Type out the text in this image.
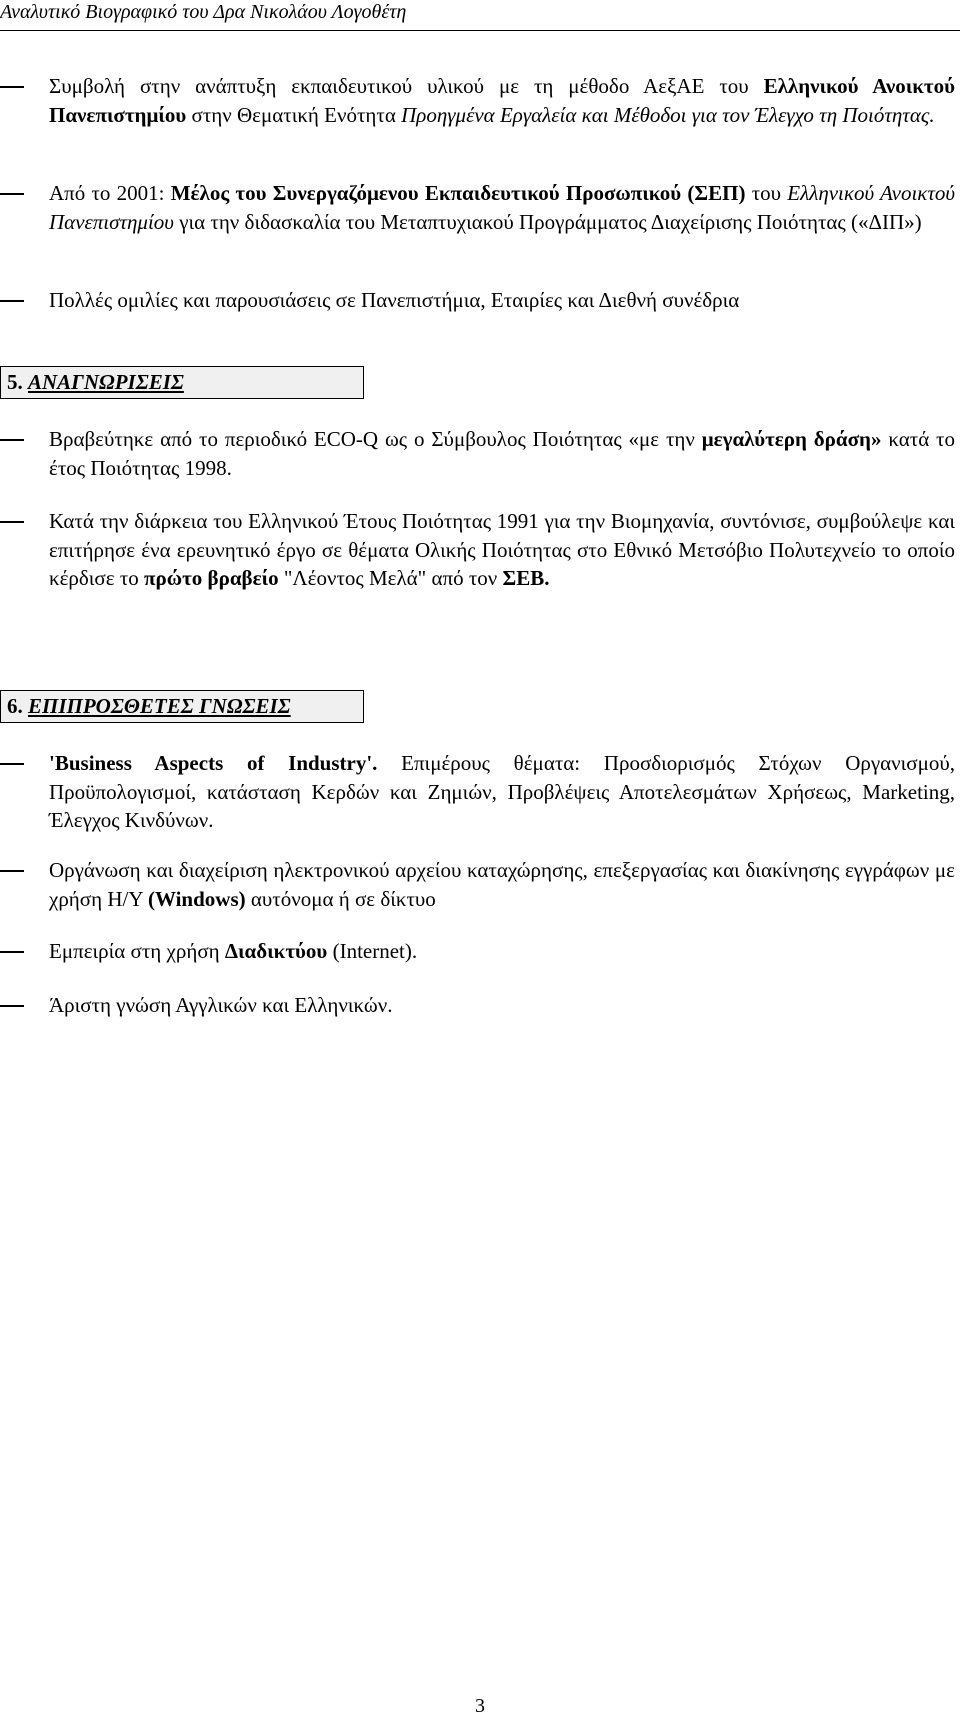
Αναλυτικό Βιογραφικό του Δρα Νικολάου Λογοθέτη
Συμβολή στην ανάπτυξη εκπαιδευτικού υλικού με τη μέθοδο ΑεξΑΕ του Ελληνικού Ανοικτού Πανεπιστημίου στην Θεματική Ενότητα Προηγμένα Εργαλεία και Μέθοδοι για τον Έλεγχο τη Ποιότητας.
Από το 2001: Μέλος του Συνεργαζόμενου Εκπαιδευτικού Προσωπικού (ΣΕΠ) του Ελληνικού Ανοικτού Πανεπιστημίου για την διδασκαλία του Μεταπτυχιακού Προγράμματος Διαχείρισης Ποιότητας («ΔΙΠ»)
Πολλές ομιλίες και παρουσιάσεις σε Πανεπιστήμια, Εταιρίες και Διεθνή συνέδρια
5. ΑΝΑΓΝΩΡΙΣΕΙΣ
Βραβεύτηκε από το περιοδικό ECO-Q ως ο Σύμβουλος Ποιότητας «με την μεγαλύτερη δράση» κατά το έτος Ποιότητας 1998.
Κατά την διάρκεια του Ελληνικού Έτους Ποιότητας 1991 για την Βιομηχανία, συντόνισε, συμβούλεψε και επιτήρησε ένα ερευνητικό έργο σε θέματα Ολικής Ποιότητας στο Εθνικό Μετσόβιο Πολυτεχνείο το οποίο κέρδισε το πρώτο βραβείο "Λέοντος Μελά" από τον ΣΕΒ.
6. ΕΠΙΠΡΟΣΘΕΤΕΣ ΓΝΩΣΕΙΣ
'Business Aspects of Industry'. Επιμέρους θέματα: Προσδιορισμός Στόχων Οργανισμού, Προϋπολογισμοί, κατάσταση Κερδών και Ζημιών, Προβλέψεις Αποτελεσμάτων Χρήσεως, Marketing, Έλεγχος Κινδύνων.
Οργάνωση και διαχείριση ηλεκτρονικού αρχείου καταχώρησης, επεξεργασίας και διακίνησης εγγράφων με χρήση Η/Υ (Windows) αυτόνομα ή σε δίκτυο
Εμπειρία στη χρήση Διαδικτύου (Internet).
Άριστη γνώση Αγγλικών και Ελληνικών.
3
